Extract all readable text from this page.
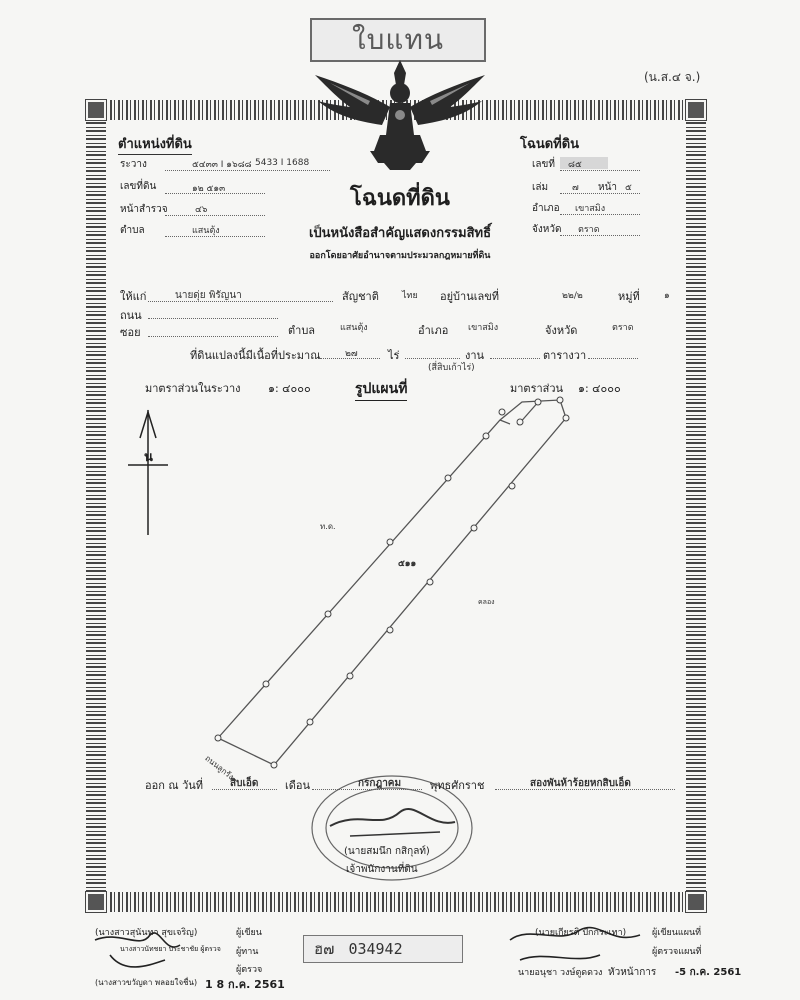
ใบแทน
(น.ส.๔ จ.)
ตำแหน่งที่ดิน
ระวาง	๕๔๓๓ I ๑๖๘๘ 5433 I 1688
เลขที่ดิน	๑๒ ๕๑๓
หน้าสำรวจ	๔๖
ตำบล	แสนตุ้ง
โฉนดที่ดิน
เลขที่ ๘๕
เล่ม	๗ หน้า ๕
อำเภอ เขาสมิง
จังหวัด ตราด
โฉนดที่ดิน
เป็นหนังสือสำคัญแสดงกรรมสิทธิ์
ออกโดยอาศัยอำนาจตามประมวลกฎหมายที่ดิน
ให้แก่	นายดุ่ย พิรัญนา	สัญชาติ	ไทย อยู่บ้านเลขที่	๒๒/๒	หมู่ที่	๑
ถนน
ซอย	ตำบล	แสนตุ้ง	อำเภอ เขาสมิง	จังหวัด	ตราด
ที่ดินแปลงนี้มีเนื้อที่ประมาณ	๒๗	ไร่	งาน	ตารางวา
(สี่สิบเก้าไร่)
มาตราส่วนในระวาง	๑: ๔๐๐๐	รูปแผนที่	มาตราส่วน ๑: ๔๐๐๐
น
ท.ด.
๕๑๑
คลอง
ถนนลูกรัง
ออก ณ วันที่	สิบเอ็ด เดือน	กรกฎาคม	พุทธศักราช	สองพันห้าร้อยหกสิบเอ็ด
(นายสมนึก กสิกุลท์)
เจ้าพนักงานที่ดิน
(นางสาวสุนันทา สุขเจริญ)	ผู้เขียน
นางสาวนัทชยา ประชาชัย ผู้ตรวจ ผู้ทาน
ผู้ตรวจ
(นางสาวขวัญดา พลอยใจชื่น) 1 8 ก.ค. 2561
ฮ๗ 034942
(นายเกียรติ ปักกระเทา)	ผู้เขียนแผนที่
ผู้ตรวจแผนที่
นายอนุชา วงษ์ตูดดวง หัวหน้าการ -5 ก.ค. 2561
